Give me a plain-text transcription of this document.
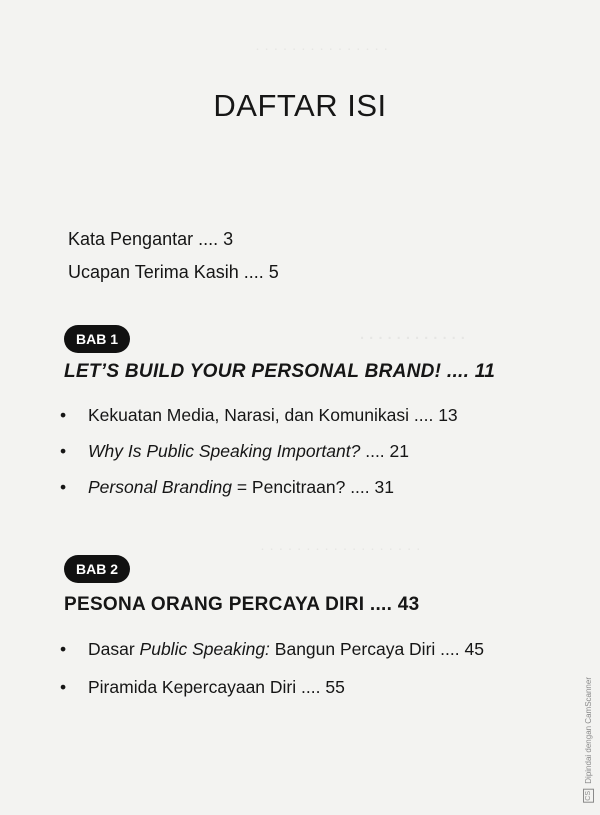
· · · · · · · · · · · · · · ·
· · · · · · · · · · · ·
· · · · · · · · · · · · · · · · · ·
DAFTAR ISI
Kata Pengantar .... 3
Ucapan Terima Kasih .... 5
BAB 1
LET’S BUILD YOUR PERSONAL BRAND! .... 11
• Kekuatan Media, Narasi, dan Komunikasi .... 13
• Why Is Public Speaking Important? .... 21
• Personal Branding = Pencitraan? .... 31
BAB 2
PESONA ORANG PERCAYA DIRI .... 43
• Dasar Public Speaking: Bangun Percaya Diri .... 45
• Piramida Kepercayaan Diri .... 55
CS Dipindai dengan CamScanner
